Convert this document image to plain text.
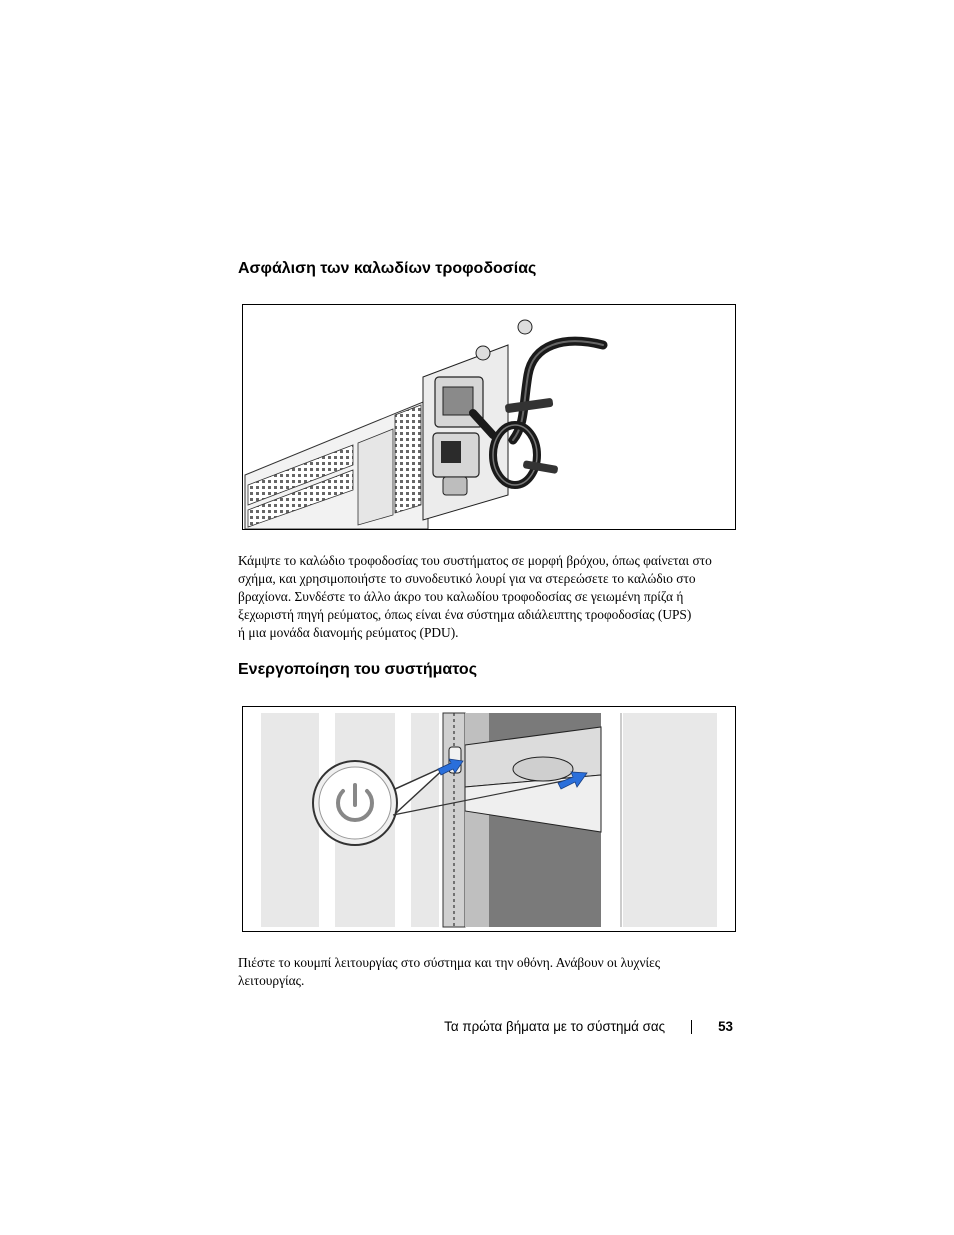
Ασφάλιση των καλωδίων τροφοδοσίας

Κάμψτε το καλώδιο τροφοδοσίας του συστήματος σε μορφή βρόχου, όπως φαίνεται στο
σχήμα, και χρησιμοποιήστε το συνοδευτικό λουρί για να στερεώσετε το καλώδιο στο
βραχίονα. Συνδέστε το άλλο άκρο του καλωδίου τροφοδοσίας σε γειωμένη πρίζα ή
ξεχωριστή πηγή ρεύματος, όπως είναι ένα σύστημα αδιάλειπτης τροφοδοσίας (UPS)
ή μια μονάδα διανομής ρεύματος (PDU).

Ενεργοποίηση του συστήματος

Πιέστε το κουμπί λειτουργίας στο σύστημα και την οθόνη. Ανάβουν οι λυχνίες
λειτουργίας.

Τα πρώτα βήματα με το σύστημά σας	53
